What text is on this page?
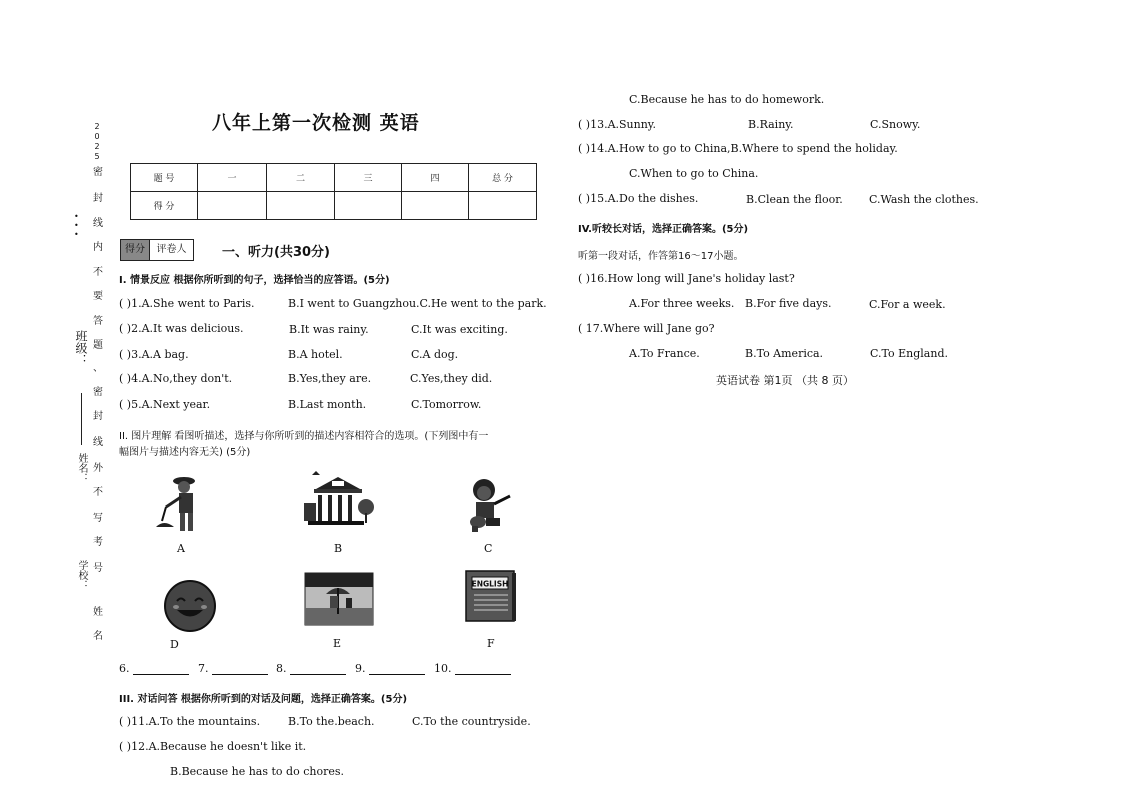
2
0
2
5
密
封
线
内
不
要
答
题
、
密
封
线
外
不
写
考
号
姓
名
•
•
•
班级：
姓名：
学校：
八年上第一次检测 英语
题 号	一	二	三	四	总 分
得 分					
得分	评卷人	一、听力(共30分)
I. 情景反应 根据你所听到的句子，选择恰当的应答语。(5分)
( )1.A.She went to Paris.	B.I went to Guangzhou.C.He went to the park.
( )2.A.It was delicious.	B.It was rainy.	C.It was exciting.
( )3.A.A bag.	B.A hotel.	C.A dog.
( )4.A.No,they don't.	B.Yes,they are.	C.Yes,they did.
( )5.A.Next year.	B.Last month.	C.Tomorrow.
II. 图片理解 看图听描述，选择与你所听到的描述内容相符合的选项。(下列图中有一
幅图片与描述内容无关) (5分)
A	B	C
D	E
ENGLISH
F
6.	7.	8.	9.	10.
III. 对话问答 根据你所听到的对话及问题，选择正确答案。(5分)
( )11.A.To the mountains.	B.To the.beach.	C.To the countryside.
( )12.A.Because he doesn't like it.
B.Because he has to do chores.
C.Because he has to do homework.
( )13.A.Sunny.	B.Rainy.	C.Snowy.
( )14.A.How to go to China,B.Where to spend the holiday.
C.When to go to China.
( )15.A.Do the dishes.	B.Clean the floor. C.Wash the clothes.
IV.听较长对话，选择正确答案。(5分)
听第一段对话，作答第16～17小题。
( )16.How long will Jane's holiday last?
A.For three weeks. B.For five days.	C.For a week.
( 17.Where will Jane go?
A.To France.	B.To America.	C.To England.
英语试卷 第1页 （共 8 页）
